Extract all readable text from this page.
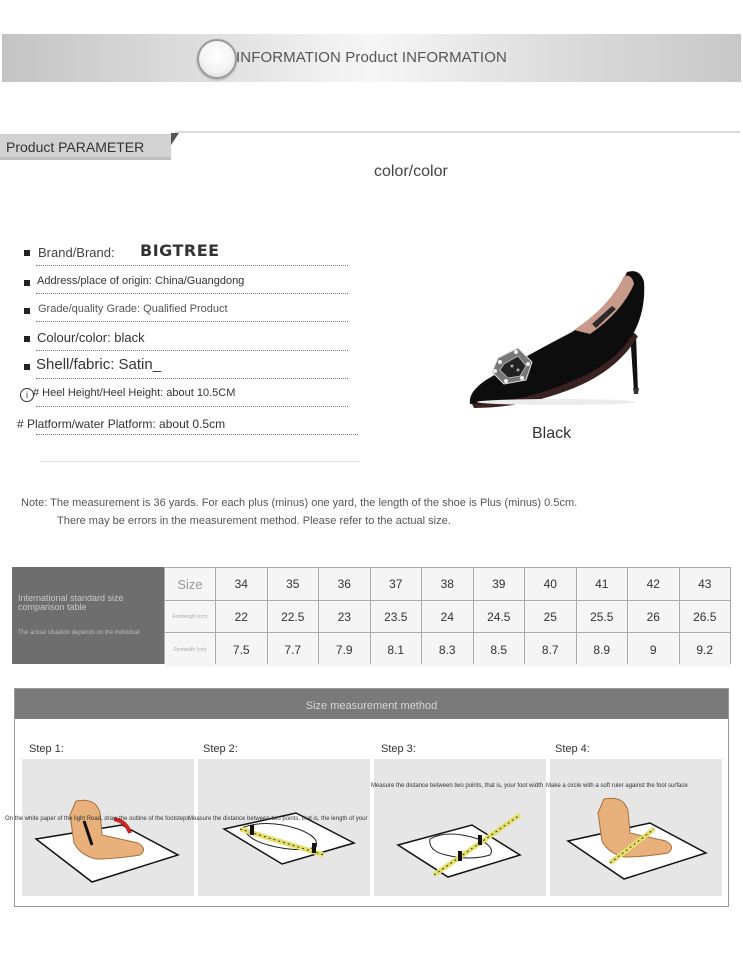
INFORMATION Product INFORMATION
Product PARAMETER
color/color
Brand/Brand: BIGTREE
Address/place of origin: China/Guangdong
Grade/quality Grade: Qualified Product
Colour/color: black
Shell/fabric: Satin_
i # Heel Height/Heel Height: about 10.5CM
# Platform/water Platform: about 0.5cm
Black
Note: The measurement is 36 yards. For each plus (minus) one yard, the length of the shoe is Plus (minus) 0.5cm.
There may be errors in the measurement method. Please refer to the actual size.
International standard size comparison table
The actual situation depends on the individual
Size	34	35	36	37	38	39	40	41	42	43
Footlength (cm)	22	22.5	23	23.5	24	24.5	25	25.5	26	26.5
Footwidth (cm)	7.5	7.7	7.9	8.1	8.3	8.5	8.7	8.9	9	9.2
Size measurement method
Step 1:	Step 2:	Step 3:	Step 4:
On the white paper of the light Road, draw the outline of the footsteps
Measure the distance between two points, that is, the length of your
Measure the distance between two points, that is, your foot width Make a circle with a soft ruler against the foot surface
